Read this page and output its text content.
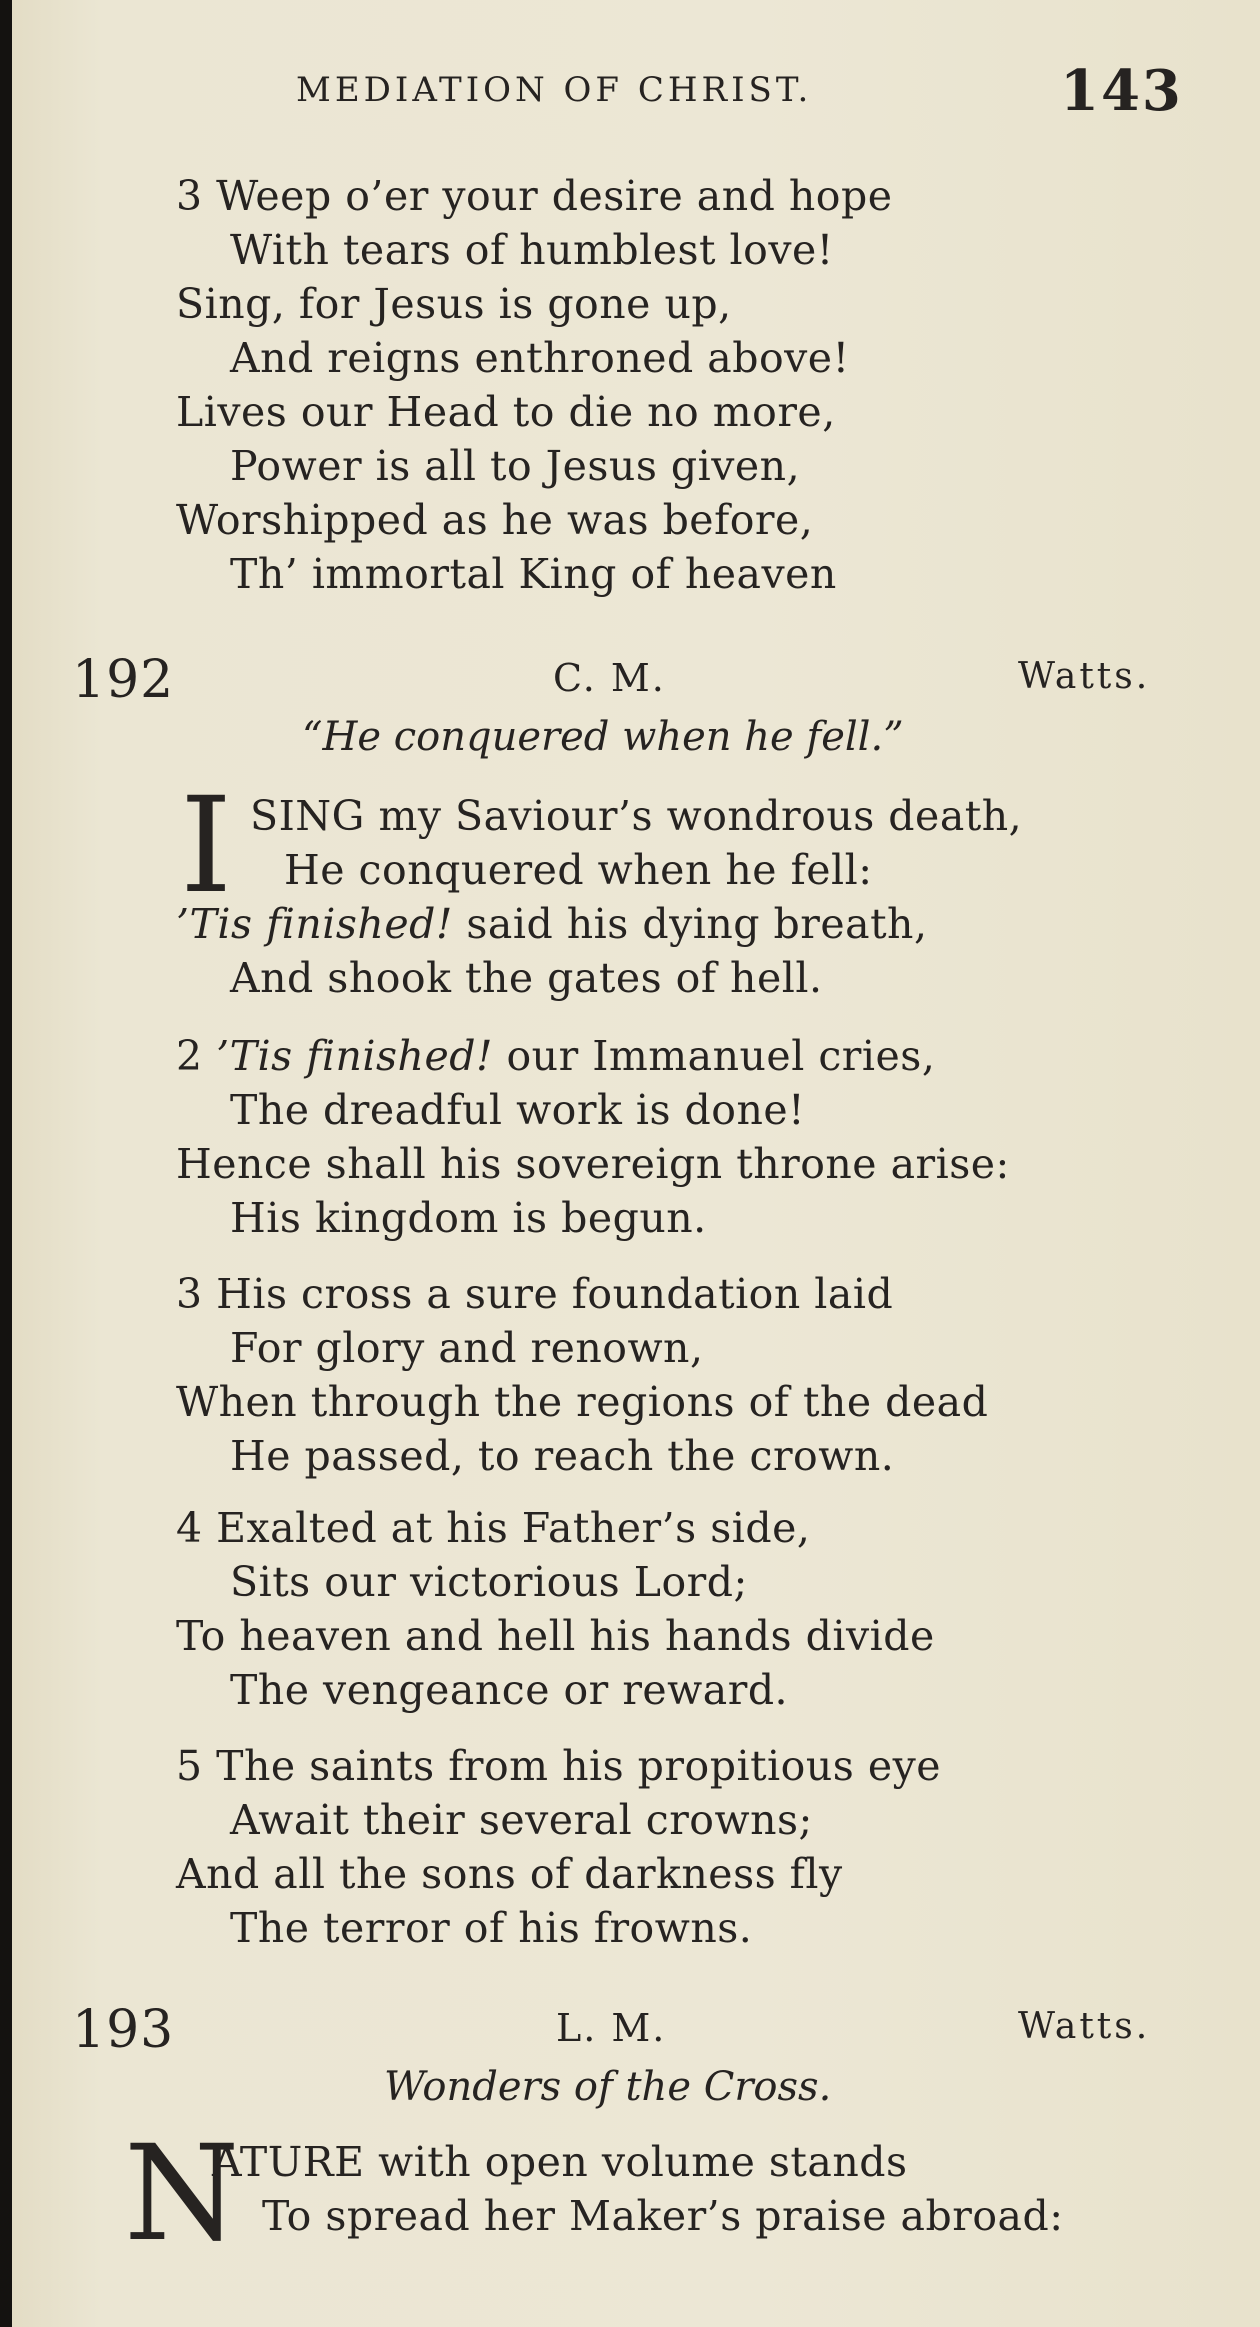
MEDIATION OF CHRIST.	143
3 Weep o’er your desire and hope
With tears of humblest love!
Sing, for Jesus is gone up,
And reigns enthroned above!
Lives our Head to die no more,
Power is all to Jesus given,
Worshipped as he was before,
Th’ immortal King of heaven
192	C. M.	Watts.
“He conquered when he fell.”
I SING my Saviour’s wondrous death,
He conquered when he fell:
’Tis finished! said his dying breath,
And shook the gates of hell.
2 ’Tis finished! our Immanuel cries,
The dreadful work is done!
Hence shall his sovereign throne arise:
His kingdom is begun.
3 His cross a sure foundation laid
For glory and renown,
When through the regions of the dead
He passed, to reach the crown.
4 Exalted at his Father’s side,
Sits our victorious Lord;
To heaven and hell his hands divide
The vengeance or reward.
5 The saints from his propitious eye
Await their several crowns;
And all the sons of darkness fly
The terror of his frowns.
193	L. M.	Watts.
Wonders of the Cross.
N
ATURE with open volume stands
To spread her Maker’s praise abroad:
